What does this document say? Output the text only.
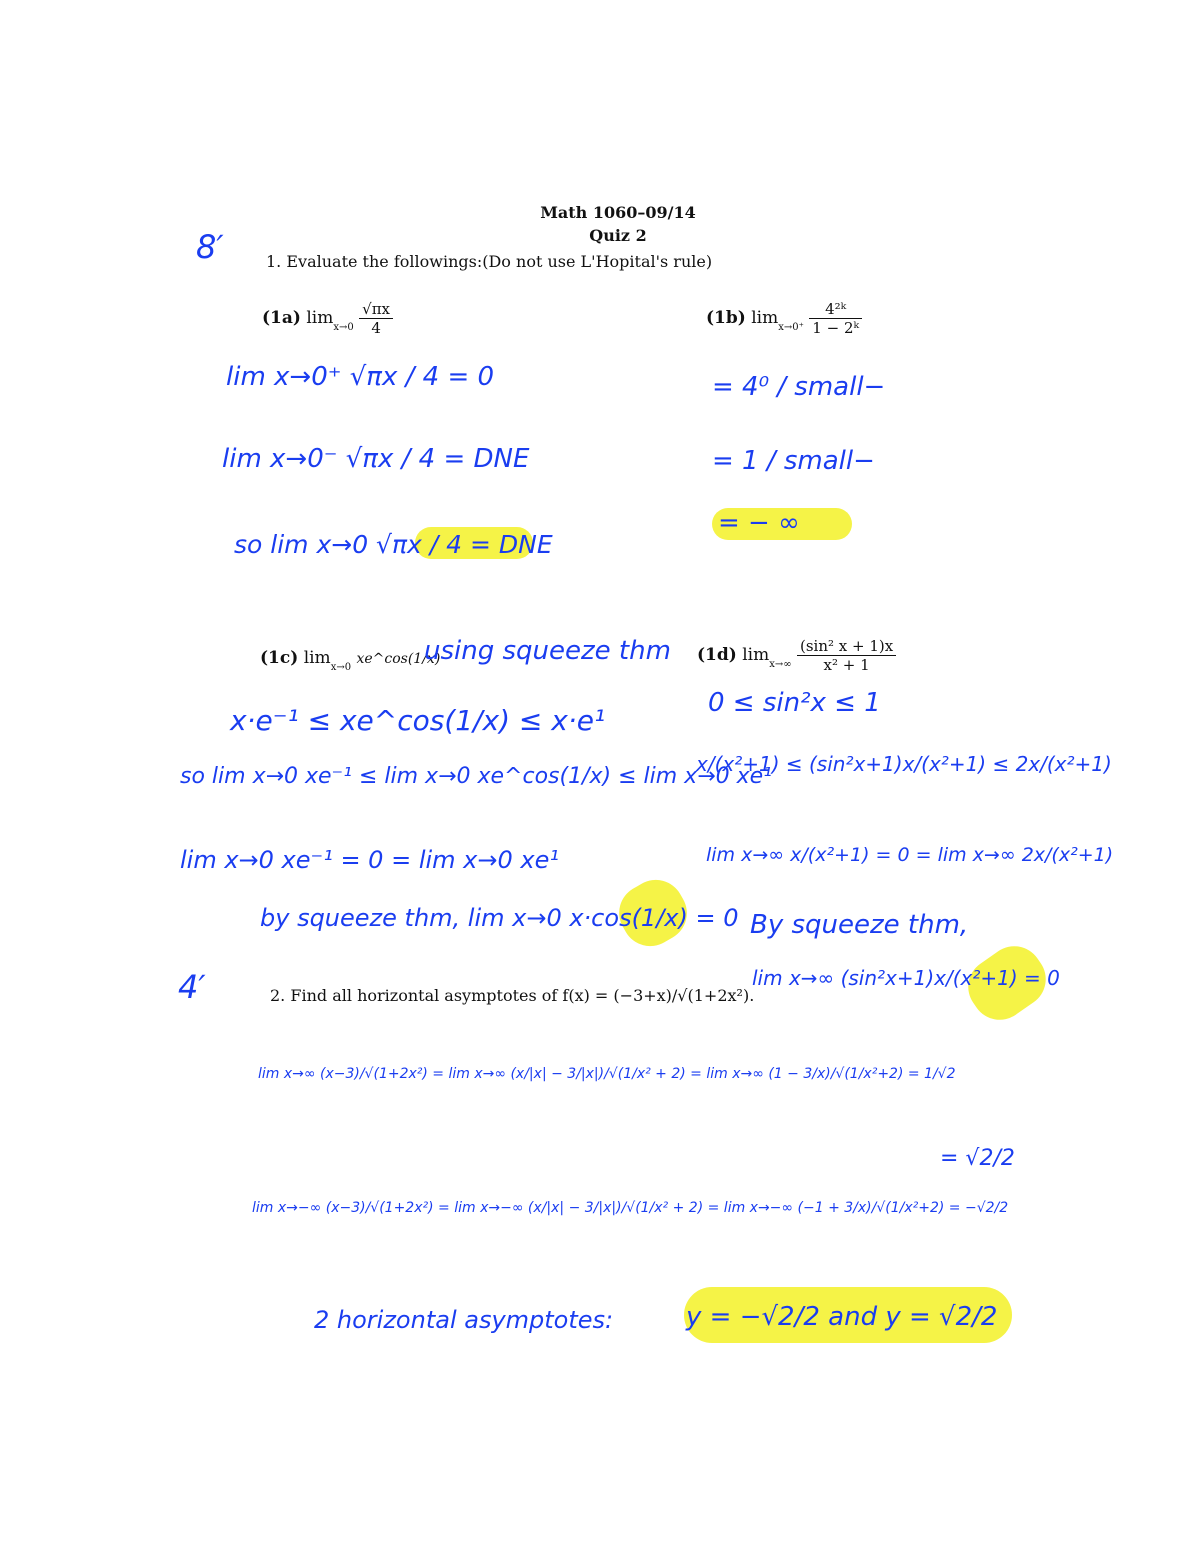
Math 1060–09/14
Quiz 2
1. Evaluate the followings:(Do not use L'Hopital's rule)
(1a) $\lim_{x\to 0} \frac{√\pi x}{4}$	(1b) $\lim_{x\to 0^+} \frac{\text{4²ᵏ}}{\text{1 − 2ᵏ}}$
(1c) $\lim_{x\to 0}$ xe^cos(1/x)	(1d) $\lim_{x\to\infty} \frac{\text{(sin² x + 1)x}}{\text{x² + 1}}$
2. Find all horizontal asymptotes of f(x) = (−3+x)/√(1+2x²).
8′
4′
lim x→0⁺ √πx / 4 = 0
lim x→0⁻ √πx / 4 = DNE
so lim x→0 √πx / 4 = DNE
= 4⁰ / small−
= 1 / small−
= − ∞
using squeeze thm
x·e⁻¹ ≤ xe^cos(1/x) ≤ x·e¹
so lim x→0 xe⁻¹ ≤ lim x→0 xe^cos(1/x) ≤ lim x→0 xe¹
lim x→0 xe⁻¹ = 0 = lim x→0 xe¹
by squeeze thm, lim x→0 x·cos(1/x) = 0
0 ≤ sin²x ≤ 1
x/(x²+1) ≤ (sin²x+1)x/(x²+1) ≤ 2x/(x²+1)
lim x→∞ x/(x²+1) = 0 = lim x→∞ 2x/(x²+1)
By squeeze thm,
lim x→∞ (sin²x+1)x/(x²+1) = 0
lim x→∞ (x−3)/√(1+2x²) = lim x→∞ (x/|x| − 3/|x|)/√(1/x² + 2) = lim x→∞ (1 − 3/x)/√(1/x²+2) = 1/√2
= √2/2
lim x→−∞ (x−3)/√(1+2x²) = lim x→−∞ (x/|x| − 3/|x|)/√(1/x² + 2) = lim x→−∞ (−1 + 3/x)/√(1/x²+2) = −√2/2
2 horizontal asymptotes:	y = −√2/2 and y = √2/2
